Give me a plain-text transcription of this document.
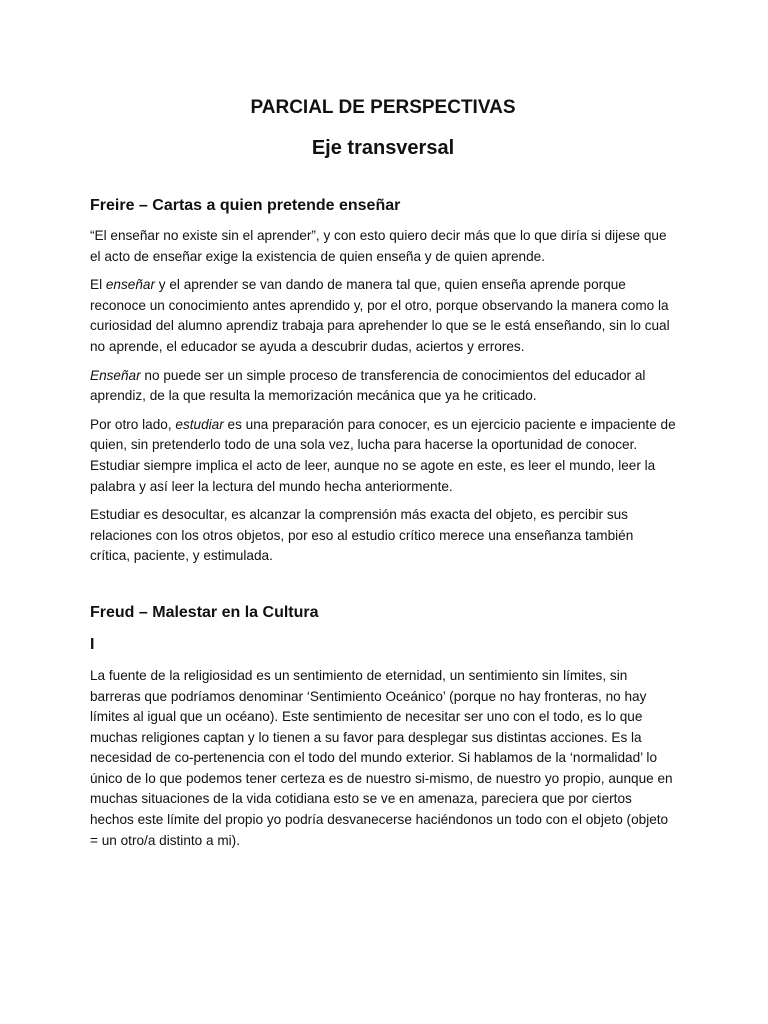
PARCIAL DE PERSPECTIVAS
Eje transversal
Freire – Cartas a quien pretende enseñar

“El enseñar no existe sin el aprender”, y con esto quiero decir más que lo que diría si dijese que el acto de enseñar exige la existencia de quien enseña y de quien aprende.

El enseñar y el aprender se van dando de manera tal que, quien enseña aprende porque reconoce un conocimiento antes aprendido y, por el otro, porque observando la manera como la curiosidad del alumno aprendiz trabaja para aprehender lo que se le está enseñando, sin lo cual no aprende, el educador se ayuda a descubrir dudas, aciertos y errores.

Enseñar no puede ser un simple proceso de transferencia de conocimientos del educador al aprendiz, de la que resulta la memorización mecánica que ya he criticado.

Por otro lado, estudiar es una preparación para conocer, es un ejercicio paciente e impaciente de quien, sin pretenderlo todo de una sola vez, lucha para hacerse la oportunidad de conocer. Estudiar siempre implica el acto de leer, aunque no se agote en este, es leer el mundo, leer la palabra y así leer la lectura del mundo hecha anteriormente.

Estudiar es desocultar, es alcanzar la comprensión más exacta del objeto, es percibir sus relaciones con los otros objetos, por eso al estudio crítico merece una enseñanza también crítica, paciente, y estimulada.

Freud – Malestar en la Cultura
I

La fuente de la religiosidad es un sentimiento de eternidad, un sentimiento sin límites, sin barreras que podríamos denominar ‘Sentimiento Oceánico’ (porque no hay fronteras, no hay límites al igual que un océano). Este sentimiento de necesitar ser uno con el todo, es lo que muchas religiones captan y lo tienen a su favor para desplegar sus distintas acciones. Es la necesidad de co-pertenencia con el todo del mundo exterior. Si hablamos de la ‘normalidad’ lo único de lo que podemos tener certeza es de nuestro si-mismo, de nuestro yo propio, aunque en muchas situaciones de la vida cotidiana esto se ve en amenaza, pareciera que por ciertos hechos este límite del propio yo podría desvanecerse haciéndonos un todo con el objeto (objeto = un otro/a distinto a mi).
